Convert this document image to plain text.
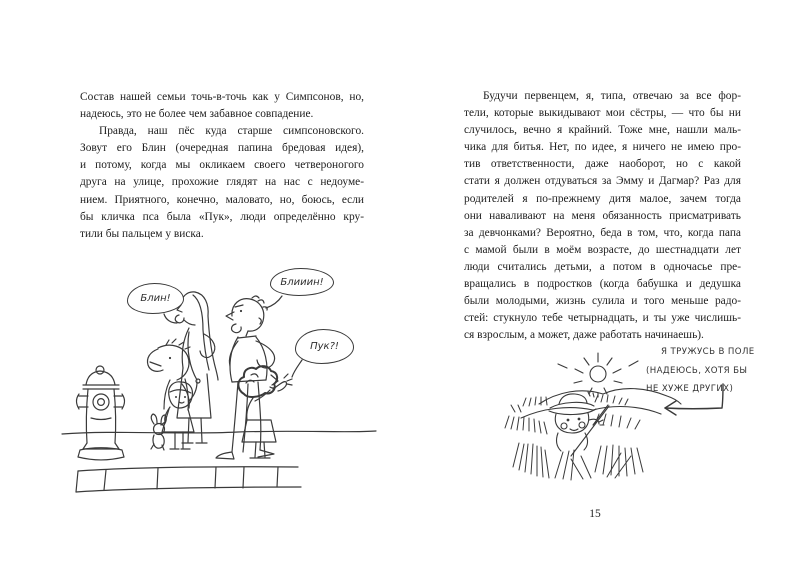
Состав нашей семьи точь-в-точь как у Симпсонов, но,
надеюсь, это не более чем забавное совпадение.
Правда, наш пёс куда старше симпсоновского.
Зовут его Блин (очередная папина бредовая идея),
и потому, когда мы окликаем своего четвероногого
друга на улице, прохожие глядят на нас с недоуме-
нием. Приятного, конечно, маловато, но, боюсь, если
бы кличка пса была «Пук», люди определённо кру-
тили бы пальцем у виска.
Блин!
Блииин!
Пук?!
Будучи первенцем, я, типа, отвечаю за все фор-
тели, которые выкидывают мои сёстры, — что бы ни
случилось, вечно я крайний. Тоже мне, нашли маль-
чика для битья. Нет, по идее, я ничего не имею про-
тив ответственности, даже наоборот, но с какой
стати я должен отдуваться за Эмму и Дагмар? Раз для
родителей я по-прежнему дитя малое, зачем тогда
они наваливают на меня обязанность присматривать
за девчонками? Вероятно, беда в том, что, когда папа
с мамой были в моём возрасте, до шестнадцати лет
люди считались детьми, а потом в одночасье пре-
вращались в подростков (когда бабушка и дедушка
были молодыми, жизнь сулила и того меньше радо-
стей: стукнуло тебе четырнадцать, и ты уже числишь-
ся взрослым, а может, даже работать начинаешь).
Я ТРУЖУСЬ В ПОЛЕ
(НАДЕЮСЬ, ХОТЯ БЫ
НЕ ХУЖЕ ДРУГИХ)
15
